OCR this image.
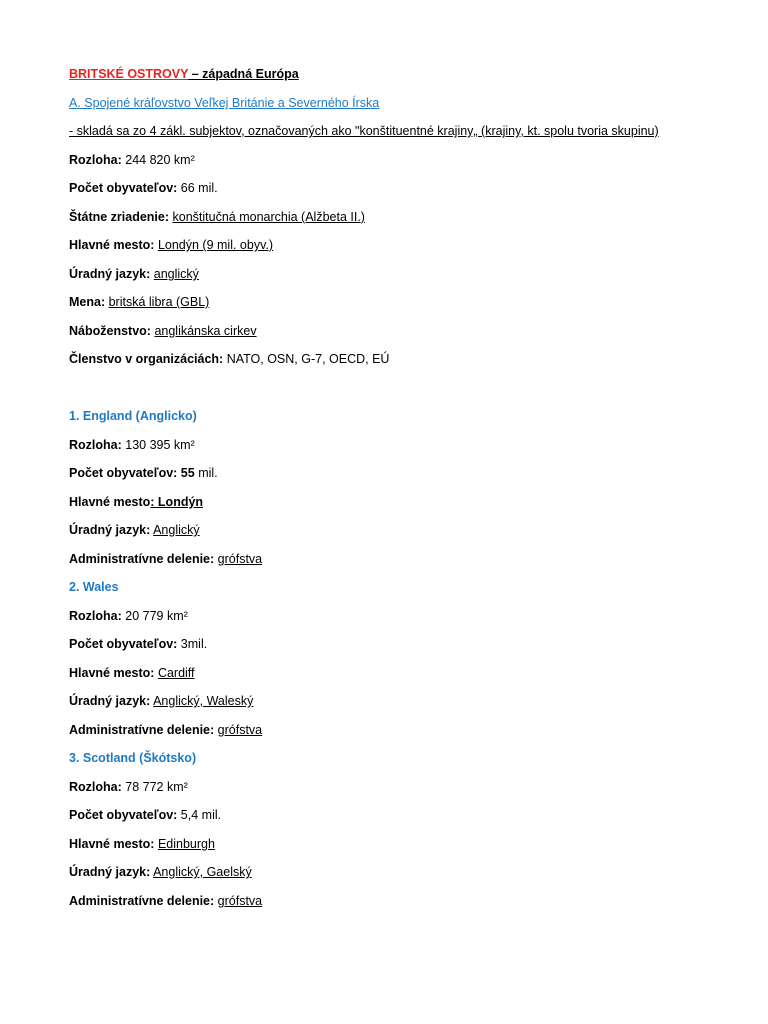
BRITSKÉ OSTROVY – západná Európa
A. Spojené kráľovstvo Veľkej Británie a Severného Írska
- skladá sa zo 4 zákl. subjektov, označovaných ako "konštituentné krajiny„ (krajiny, kt. spolu tvoria skupinu)
Rozloha: 244 820 km²
Počet obyvateľov: 66 mil.
Štátne zriadenie: konštitučná monarchia (Alžbeta II.)
Hlavné mesto: Londýn (9 mil. obyv.)
Úradný jazyk: anglický
Mena: britská libra (GBL)
Náboženstvo: anglikánska cirkev
Členstvo v organizáciách: NATO, OSN, G-7, OECD, EÚ
1. England (Anglicko)
Rozloha: 130 395 km²
Počet obyvateľov: 55 mil.
Hlavné mesto: Londýn
Úradný jazyk: Anglický
Administratívne delenie: grófstva
2. Wales
Rozloha: 20 779 km²
Počet obyvateľov: 3mil.
Hlavné mesto: Cardiff
Úradný jazyk: Anglický, Waleský
Administratívne delenie: grófstva
3. Scotland (Škótsko)
Rozloha: 78 772 km²
Počet obyvateľov: 5,4 mil.
Hlavné mesto: Edinburgh
Úradný jazyk: Anglický, Gaelský
Administratívne delenie: grófstva
